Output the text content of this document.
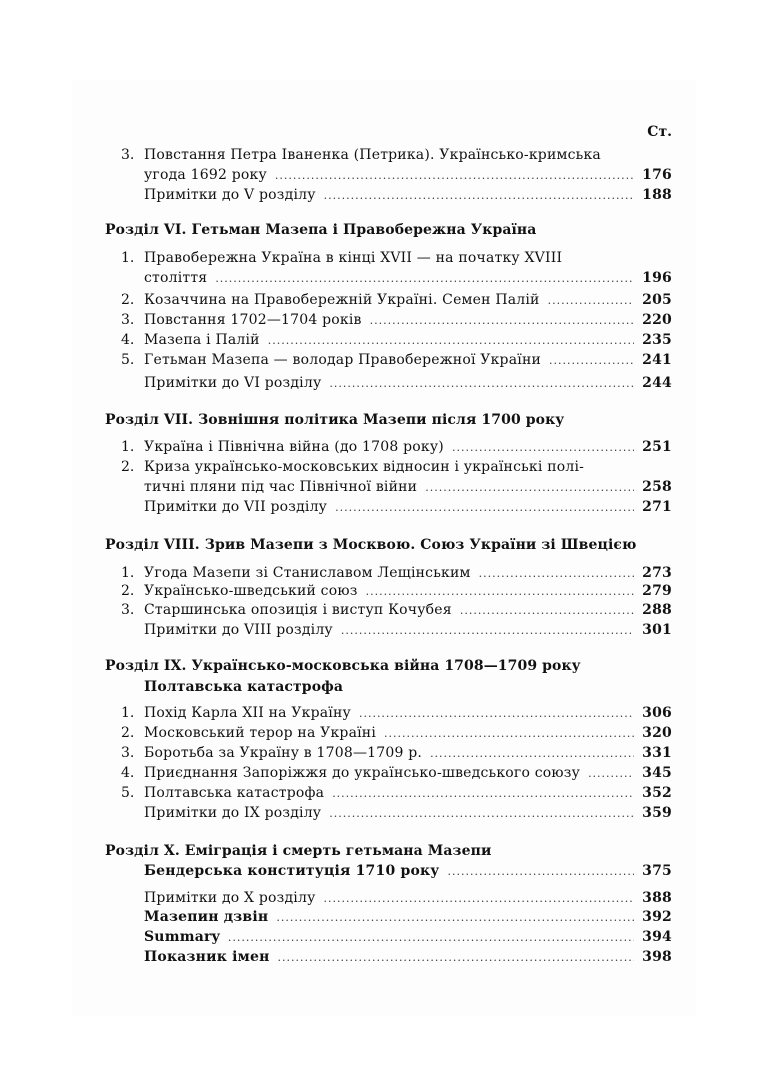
Ст.
3. Повстання Петра Іваненка (Петрика). Українсько-кримська
угода 1692 року .....	176
Примітки до V розділу .....	188
Розділ VI. Гетьман Мазепа і Правобережна Україна
1. Правобережна Україна в кінці XVII — на початку XVIII
століття .....	196
2. Козаччина на Правобережній Україні. Семен Палій .....	205
3. Повстання 1702—1704 років .....	220
4. Мазепа і Палій .....	235
5. Гетьман Мазепа — володар Правобережної України .....	241
Примітки до VI розділу .....	244
Розділ VII. Зовнішня політика Мазепи після 1700 року
1. Україна і Північна війна (до 1708 року) .....	251
2. Криза українсько-московських відносин і українські полі-
тичні пляни під час Північної війни .....	258
Примітки до VII розділу .....	271
Розділ VIII. Зрив Мазепи з Москвою. Союз України зі Швецією
1. Угода Мазепи зі Станиславом Лещінським .....	273
2. Українсько-шведський союз .....	279
3. Старшинська опозиція і виступ Кочубея .....	288
Примітки до VIII розділу .....	301
Розділ IX. Українсько-московська війна 1708—1709 року
Полтавська катастрофа
1. Похід Карла XII на Україну .....	306
2. Московський терор на Україні .....	320
3. Боротьба за Україну в 1708—1709 р. .....	331
4. Приєднання Запоріжжя до українсько-шведського союзу .....	345
5. Полтавська катастрофа .....	352
Примітки до IX розділу .....	359
Розділ X. Еміграція і смерть гетьмана Мазепи
Бендерська конституція 1710 року .....	375
Примітки до X розділу .....	388
Мазепин дзвін .....	392
Summary .....	394
Показник імен .....	398
